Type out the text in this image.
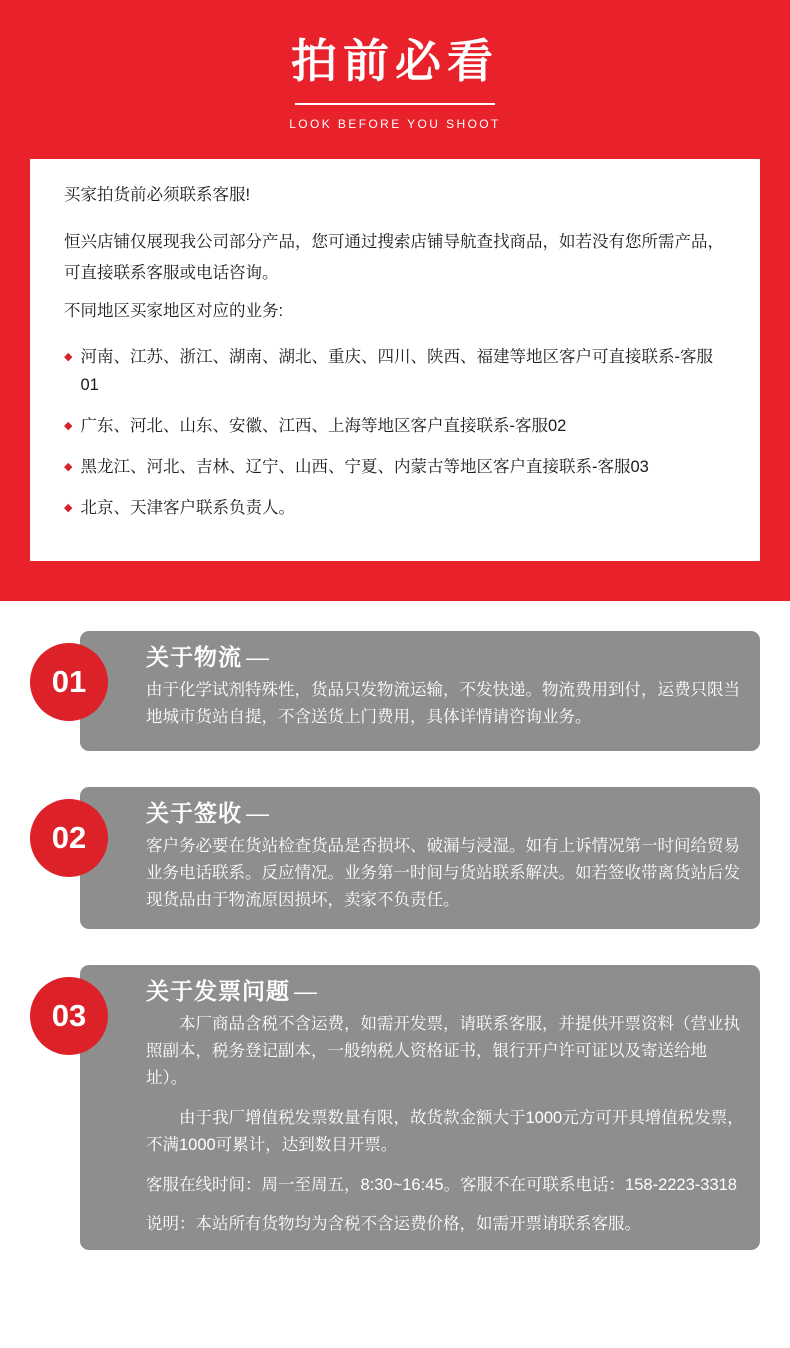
拍前必看
LOOK BEFORE YOU SHOOT

买家拍货前必须联系客服!

恒兴店铺仅展现我公司部分产品，您可通过搜索店铺导航查找商品，如若没有您所需产品，可直接联系客服或电话咨询。

不同地区买家地区对应的业务:

◆ 河南、江苏、浙江、湖南、湖北、重庆、四川、陕西、福建等地区客户可直接联系-客服01
◆ 广东、河北、山东、安徽、江西、上海等地区客户直接联系-客服02
◆ 黑龙江、河北、吉林、辽宁、山西、宁夏、内蒙古等地区客户直接联系-客服03
◆ 北京、天津客户联系负责人。
01
关于物流 —

由于化学试剂特殊性，货品只发物流运输，不发快递。物流费用到付，运费只限当地城市货站自提，不含送货上门费用，具体详情请咨询业务。

02
关于签收 —

客户务必要在货站检查货品是否损坏、破漏与浸湿。如有上诉情况第一时间给贸易业务电话联系。反应情况。业务第一时间与货站联系解决。如若签收带离货站后发现货品由于物流原因损坏，卖家不负责任。

03
关于发票问题 —

本厂商品含税不含运费，如需开发票，请联系客服，并提供开票资料（营业执照副本，税务登记副本，一般纳税人资格证书，银行开户许可证以及寄送给地址）。

由于我厂增值税发票数量有限，故货款金额大于1000元方可开具增值税发票，不满1000可累计，达到数目开票。

客服在线时间：周一至周五，8:30~16:45。客服不在可联系电话：158-2223-3318

说明：本站所有货物均为含税不含运费价格，如需开票请联系客服。
